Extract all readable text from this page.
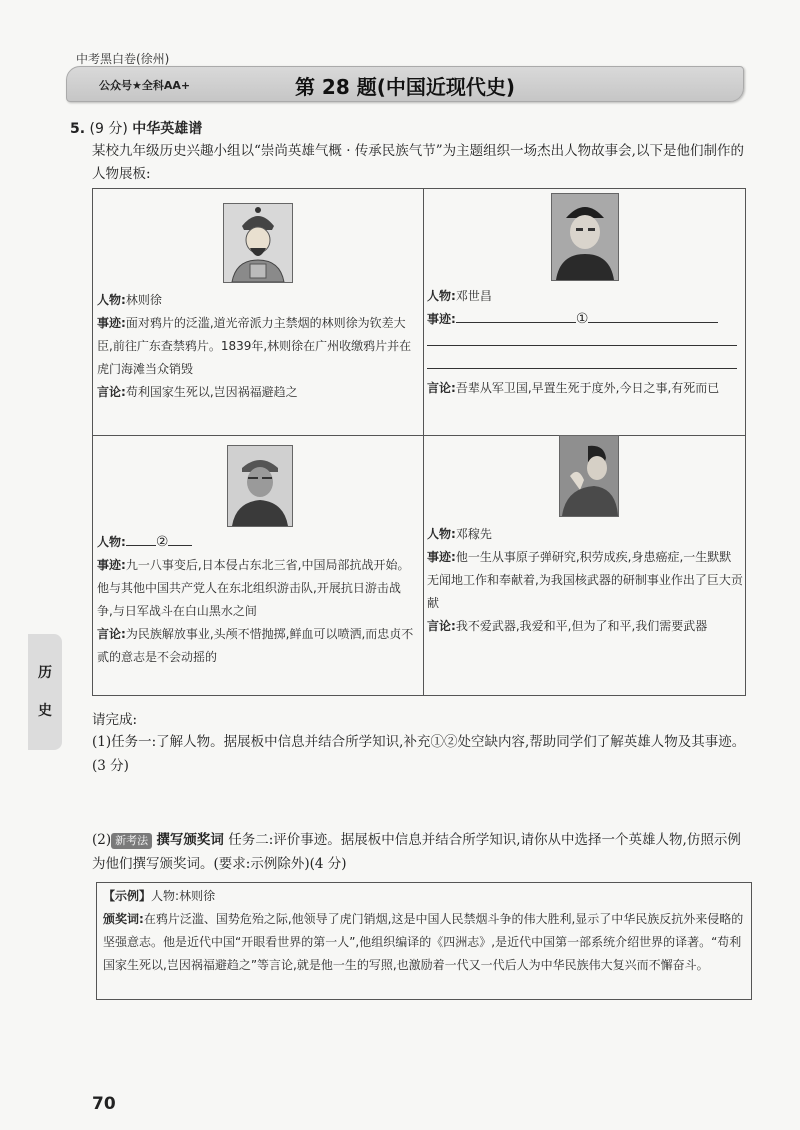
中考黑白卷(徐州)
公众号★全科AA+	第 28 题(中国近现代史)
5. (9 分) 中华英雄谱
某校九年级历史兴趣小组以“崇尚英雄气概 · 传承民族气节”为主题组织一场杰出人物故事会,以下是他们制作的人物展板:
人物:林则徐
事迹:面对鸦片的泛滥,道光帝派力主禁烟的林则徐为钦差大臣,前往广东查禁鸦片。1839年,林则徐在广州收缴鸦片并在虎门海滩当众销毁
言论:苟利国家生死以,岂因祸福避趋之
人物:邓世昌
事迹:	①
言论:吾辈从军卫国,早置生死于度外,今日之事,有死而已
人物: ②
事迹:九一八事变后,日本侵占东北三省,中国局部抗战开始。他与其他中国共产党人在东北组织游击队,开展抗日游击战争,与日军战斗在白山黑水之间
言论:为民族解放事业,头颅不惜抛掷,鲜血可以喷洒,而忠贞不贰的意志是不会动摇的
人物:邓稼先
事迹:他一生从事原子弹研究,积劳成疾,身患癌症,一生默默无闻地工作和奉献着,为我国核武器的研制事业作出了巨大贡献
言论:我不爱武器,我爱和平,但为了和平,我们需要武器
历
史
请完成:
(1)任务一:了解人物。据展板中信息并结合所学知识,补充①②处空缺内容,帮助同学们了解英雄人物及其事迹。(3 分)
(2) 新考法 撰写颁奖词 任务二:评价事迹。据展板中信息并结合所学知识,请你从中选择一个英雄人物,仿照示例为他们撰写颁奖词。(要求:示例除外)(4 分)
【示例】人物:林则徐
颁奖词:在鸦片泛滥、国势危殆之际,他领导了虎门销烟,这是中国人民禁烟斗争的伟大胜利,显示了中华民族反抗外来侵略的坚强意志。他是近代中国“开眼看世界的第一人”,他组织编译的《四洲志》,是近代中国第一部系统介绍世界的译著。“苟利国家生死以,岂因祸福避趋之”等言论,就是他一生的写照,也激励着一代又一代后人为中华民族伟大复兴而不懈奋斗。
70
